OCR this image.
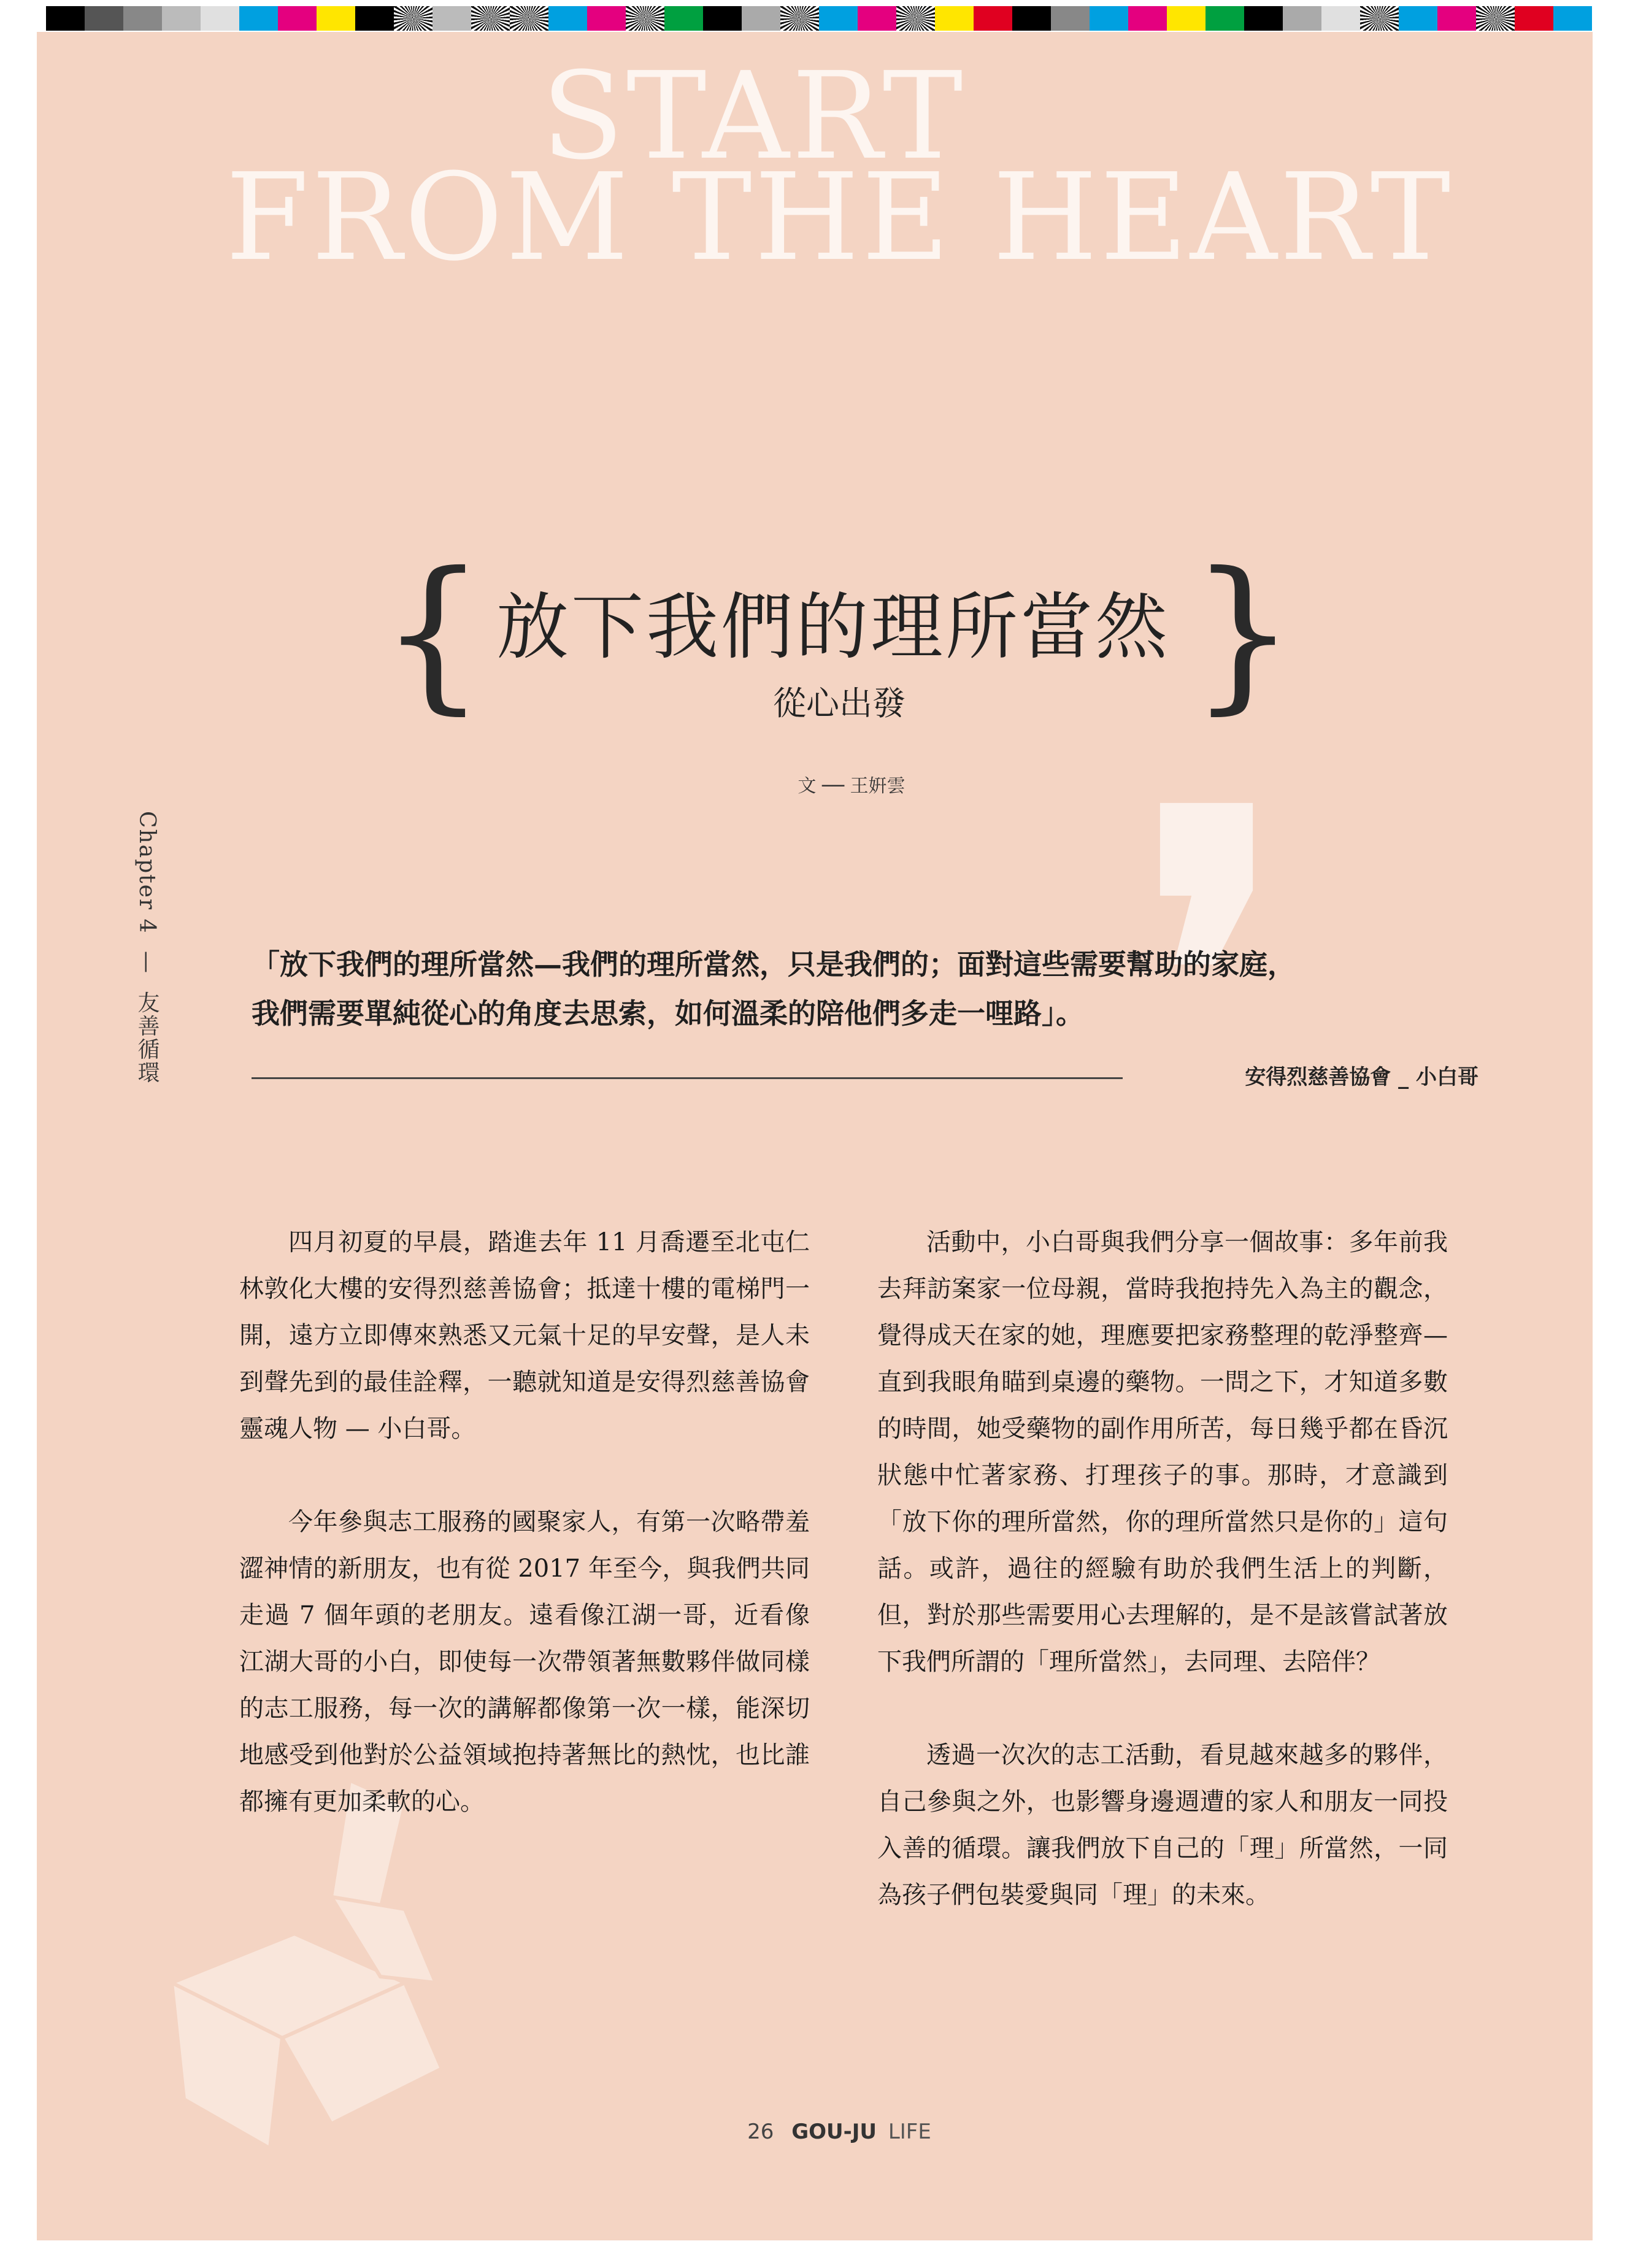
START
FROM THE HEART
❜
{ 放下我們的理所當然 }
從心出發
文 ── 王姸雲
Chapter 4 — 友善循環
「放下我們的理所當然—我們的理所當然，只是我們的；面對這些需要幫助的家庭，
我們需要單純從心的角度去思索，如何溫柔的陪他們多走一哩路」。
安得烈慈善協會 _ 小白哥

四月初夏的早晨，踏進去年 11 月喬遷至北屯仁林敦化大樓的安得烈慈善協會；抵達十樓的電梯門一開，遠方立即傳來熟悉又元氣十足的早安聲，是人未到聲先到的最佳詮釋，一聽就知道是安得烈慈善協會靈魂人物 — 小白哥。

今年參與志工服務的國聚家人，有第一次略帶羞澀神情的新朋友，也有從 2017 年至今，與我們共同走過 7 個年頭的老朋友。遠看像江湖一哥，近看像江湖大哥的小白，即使每一次帶領著無數夥伴做同樣的志工服務，每一次的講解都像第一次一樣，能深切地感受到他對於公益領域抱持著無比的熱忱，也比誰都擁有更加柔軟的心。

活動中，小白哥與我們分享一個故事：多年前我去拜訪案家一位母親，當時我抱持先入為主的觀念，覺得成天在家的她，理應要把家務整理的乾淨整齊—直到我眼角瞄到桌邊的藥物。一問之下，才知道多數的時間，她受藥物的副作用所苦，每日幾乎都在昏沉狀態中忙著家務、打理孩子的事。那時，才意識到「放下你的理所當然，你的理所當然只是你的」這句話。或許，過往的經驗有助於我們生活上的判斷，但，對於那些需要用心去理解的，是不是該嘗試著放下我們所謂的「理所當然」，去同理、去陪伴？

透過一次次的志工活動，看見越來越多的夥伴，自己參與之外，也影響身邊週遭的家人和朋友一同投入善的循環。讓我們放下自己的「理」所當然，一同為孩子們包裝愛與同「理」的未來。

26 GOU-JU LIFE
